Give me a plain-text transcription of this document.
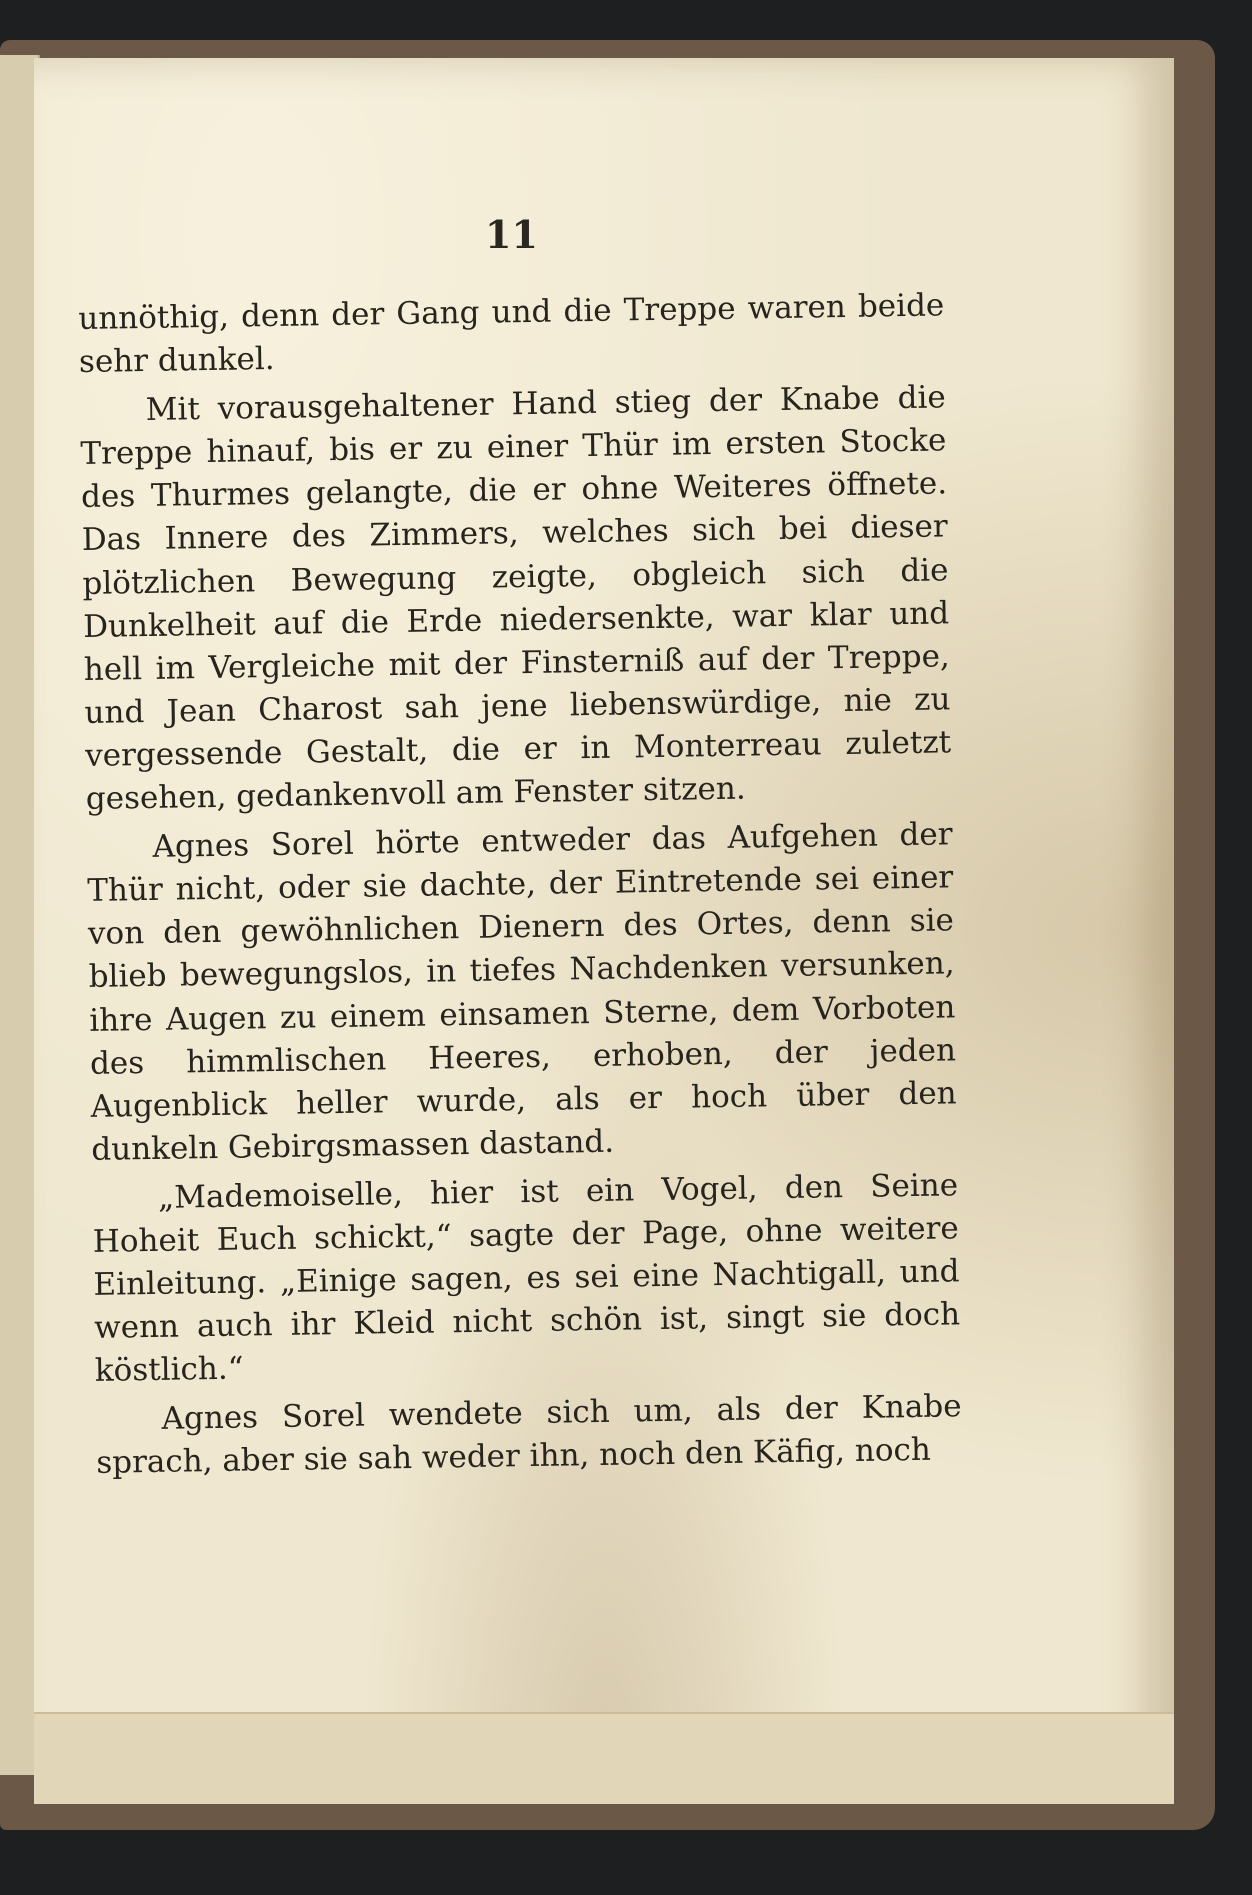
11

unnöthig, denn der Gang und die Treppe waren beide sehr dunkel.

Mit vorausgehaltener Hand stieg der Knabe die Treppe hinauf, bis er zu einer Thür im ersten Stocke des Thurmes gelangte, die er ohne Weiteres öffnete. Das Innere des Zimmers, welches sich bei dieser plötzlichen Bewegung zeigte, obgleich sich die Dunkelheit auf die Erde niedersenkte, war klar und hell im Vergleiche mit der Finsterniß auf der Treppe, und Jean Charost sah jene liebenswürdige, nie zu vergessende Gestalt, die er in Monterreau zuletzt gesehen, gedankenvoll am Fenster sitzen.

Agnes Sorel hörte entweder das Aufgehen der Thür nicht, oder sie dachte, der Eintretende sei einer von den gewöhnlichen Dienern des Ortes, denn sie blieb bewegungslos, in tiefes Nachdenken versunken, ihre Augen zu einem einsamen Sterne, dem Vorboten des himmlischen Heeres, erhoben, der jeden Augenblick heller wurde, als er hoch über den dunkeln Gebirgsmassen dastand.

„Mademoiselle, hier ist ein Vogel, den Seine Hoheit Euch schickt,“ sagte der Page, ohne weitere Einleitung. „Einige sagen, es sei eine Nachtigall, und wenn auch ihr Kleid nicht schön ist, singt sie doch köstlich.“

Agnes Sorel wendete sich um, als der Knabe sprach, aber sie sah weder ihn, noch den Käfig, noch
